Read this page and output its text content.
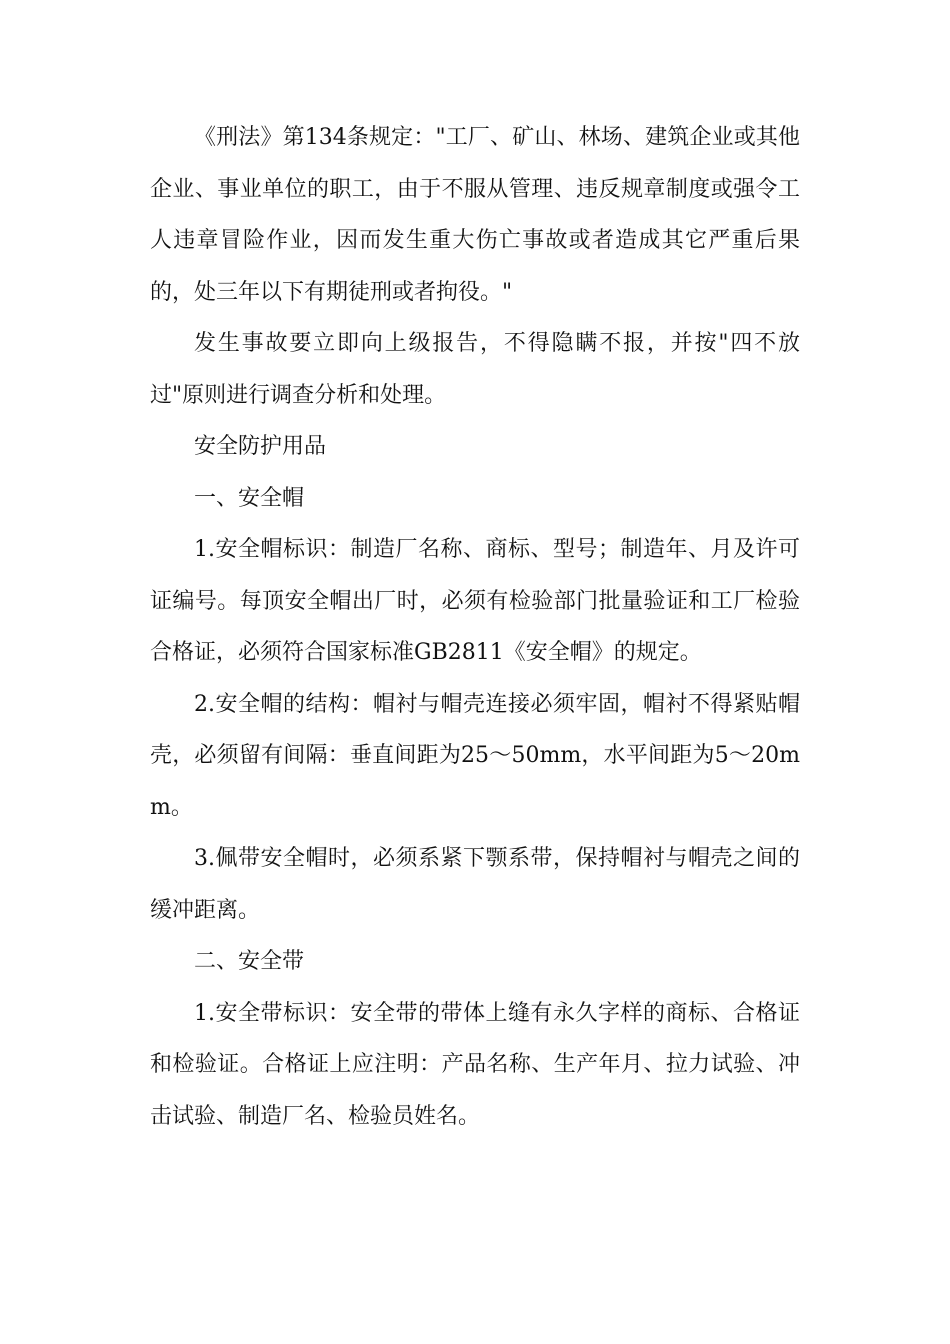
《刑法》第134条规定："工厂、矿山、林场、建筑企业或其他企业、事业单位的职工，由于不服从管理、违反规章制度或强令工人违章冒险作业，因而发生重大伤亡事故或者造成其它严重后果的，处三年以下有期徒刑或者拘役。"

发生事故要立即向上级报告，不得隐瞒不报，并按"四不放过"原则进行调查分析和处理。

安全防护用品

一、安全帽

1.安全帽标识：制造厂名称、商标、型号；制造年、月及许可证编号。每顶安全帽出厂时，必须有检验部门批量验证和工厂检验合格证，必须符合国家标准GB2811《安全帽》的规定。

2.安全帽的结构：帽衬与帽壳连接必须牢固，帽衬不得紧贴帽壳，必须留有间隔：垂直间距为25～50mm，水平间距为5～20mm。

3.佩带安全帽时，必须系紧下颚系带，保持帽衬与帽壳之间的缓冲距离。

二、安全带

1.安全带标识：安全带的带体上缝有永久字样的商标、合格证和检验证。合格证上应注明：产品名称、生产年月、拉力试验、冲击试验、制造厂名、检验员姓名。
